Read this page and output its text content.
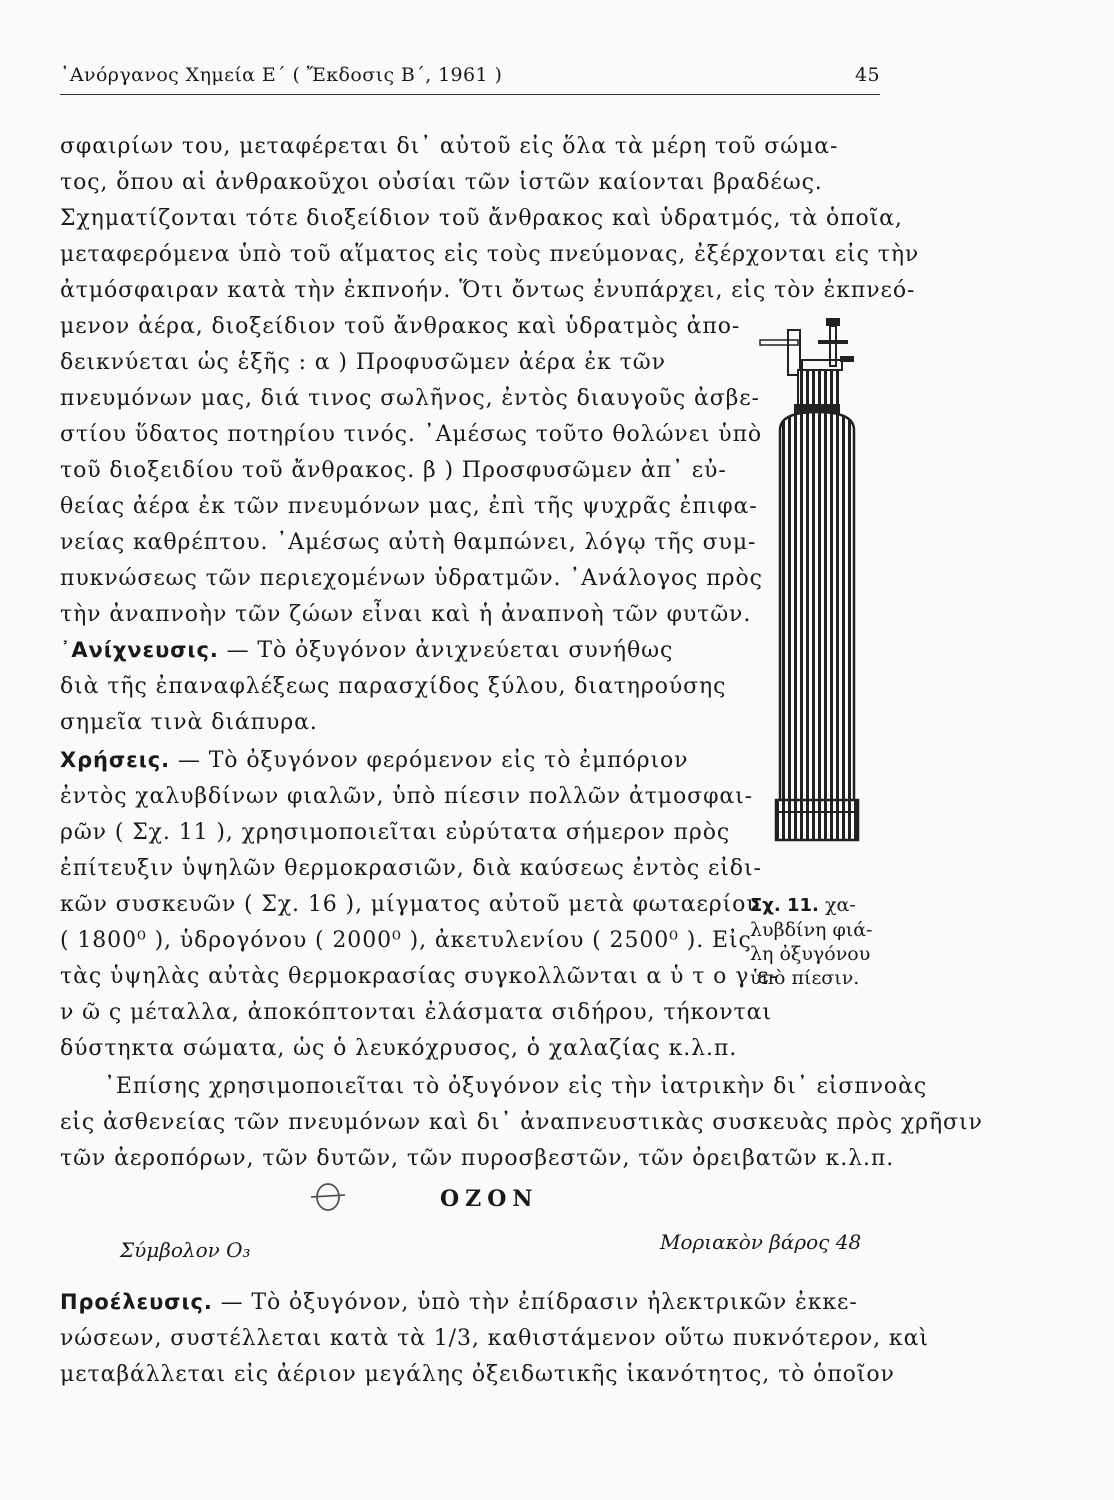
᾿Ανόργανος Χημεία Ε΄ ( Ἔκδοσις Β΄, 1961 )	45
σφαιρίων του, μεταφέρεται δι᾿ αὐτοῦ εἰς ὅλα τὰ μέρη τοῦ σώμα-
τος, ὅπου αἱ ἀνθρακοῦχοι οὐσίαι τῶν ἱστῶν καίονται βραδέως.
Σχηματίζονται τότε διοξείδιον τοῦ ἄνθρακος καὶ ὑδρατμός, τὰ ὁποῖα,
μεταφερόμενα ὑπὸ τοῦ αἵματος εἰς τοὺς πνεύμονας, ἐξέρχονται εἰς τὴν
ἀτμόσφαιραν κατὰ τὴν ἐκπνοήν. Ὅτι ὄντως ἐνυπάρχει, εἰς τὸν ἐκπνεό-
μενον ἀέρα, διοξείδιον τοῦ ἄνθρακος καὶ ὑδρατμὸς ἀπο-
δεικνύεται ὡς ἑξῆς : α ) Προφυσῶμεν ἀέρα ἐκ τῶν
πνευμόνων μας, διά τινος σωλῆνος, ἐντὸς διαυγοῦς ἀσβε-
στίου ὕδατος ποτηρίου τινός. ᾿Αμέσως τοῦτο θολώνει ὑπὸ
τοῦ διοξειδίου τοῦ ἄνθρακος. β ) Προσφυσῶμεν ἀπ᾿ εὐ-
θείας ἀέρα ἐκ τῶν πνευμόνων μας, ἐπὶ τῆς ψυχρᾶς ἐπιφα-
νείας καθρέπτου. ᾿Αμέσως αὐτὴ θαμπώνει, λόγῳ τῆς συμ-
πυκνώσεως τῶν περιεχομένων ὑδρατμῶν. ᾿Ανάλογος πρὸς
τὴν ἀναπνοὴν τῶν ζώων εἶναι καὶ ἡ ἀναπνοὴ τῶν φυτῶν.
᾿Ανίχνευσις. — Τὸ ὀξυγόνον ἀνιχνεύεται συνήθως
διὰ τῆς ἐπαναφλέξεως παρασχίδος ξύλου, διατηρούσης
σημεῖα τινὰ διάπυρα.
Χρήσεις. — Τὸ ὀξυγόνον φερόμενον εἰς τὸ ἐμπόριον
ἐντὸς χαλυβδίνων φιαλῶν, ὑπὸ πίεσιν πολλῶν ἀτμοσφαι-
ρῶν ( Σχ. 11 ), χρησιμοποιεῖται εὐρύτατα σήμερον πρὸς
ἐπίτευξιν ὑψηλῶν θερμοκρασιῶν, διὰ καύσεως ἐντὸς εἰδι-
κῶν συσκευῶν ( Σχ. 16 ), μίγματος αὐτοῦ μετὰ φωταερίου
( 1800⁰ ), ὑδρογόνου ( 2000⁰ ), ἀκετυλενίου ( 2500⁰ ). Εἰς
τὰς ὑψηλὰς αὐτὰς θερμοκρασίας συγκολλῶνται α ὑ τ ο γ ε-
ν ῶ ς μέταλλα, ἀποκόπτονται ἐλάσματα σιδήρου, τήκονται
δύστηκτα σώματα, ὡς ὁ λευκόχρυσος, ὁ χαλαζίας κ.λ.π.
᾿Επίσης χρησιμοποιεῖται τὸ ὀξυγόνον εἰς τὴν ἰατρικὴν δι᾿ εἰσπνοὰς
εἰς ἀσθενείας τῶν πνευμόνων καὶ δι᾿ ἀναπνευστικὰς συσκευὰς πρὸς χρῆσιν
τῶν ἀεροπόρων, τῶν δυτῶν, τῶν πυροσβεστῶν, τῶν ὀρειβατῶν κ.λ.π.
Σχ. 11. χα-
λυβδίνη φιά-
λη ὀξυγόνου
ὑπὸ πίεσιν.
ΟΖΟΝ
Σύμβολον O₃	Μοριακὸν βάρος 48
Προέλευσις. — Τὸ ὀξυγόνον, ὑπὸ τὴν ἐπίδρασιν ἠλεκτρικῶν ἐκκε-
νώσεων, συστέλλεται κατὰ τὰ 1/3, καθιστάμενον οὕτω πυκνότερον, καὶ
μεταβάλλεται εἰς ἀέριον μεγάλης ὀξειδωτικῆς ἱκανότητος, τὸ ὁποῖον
